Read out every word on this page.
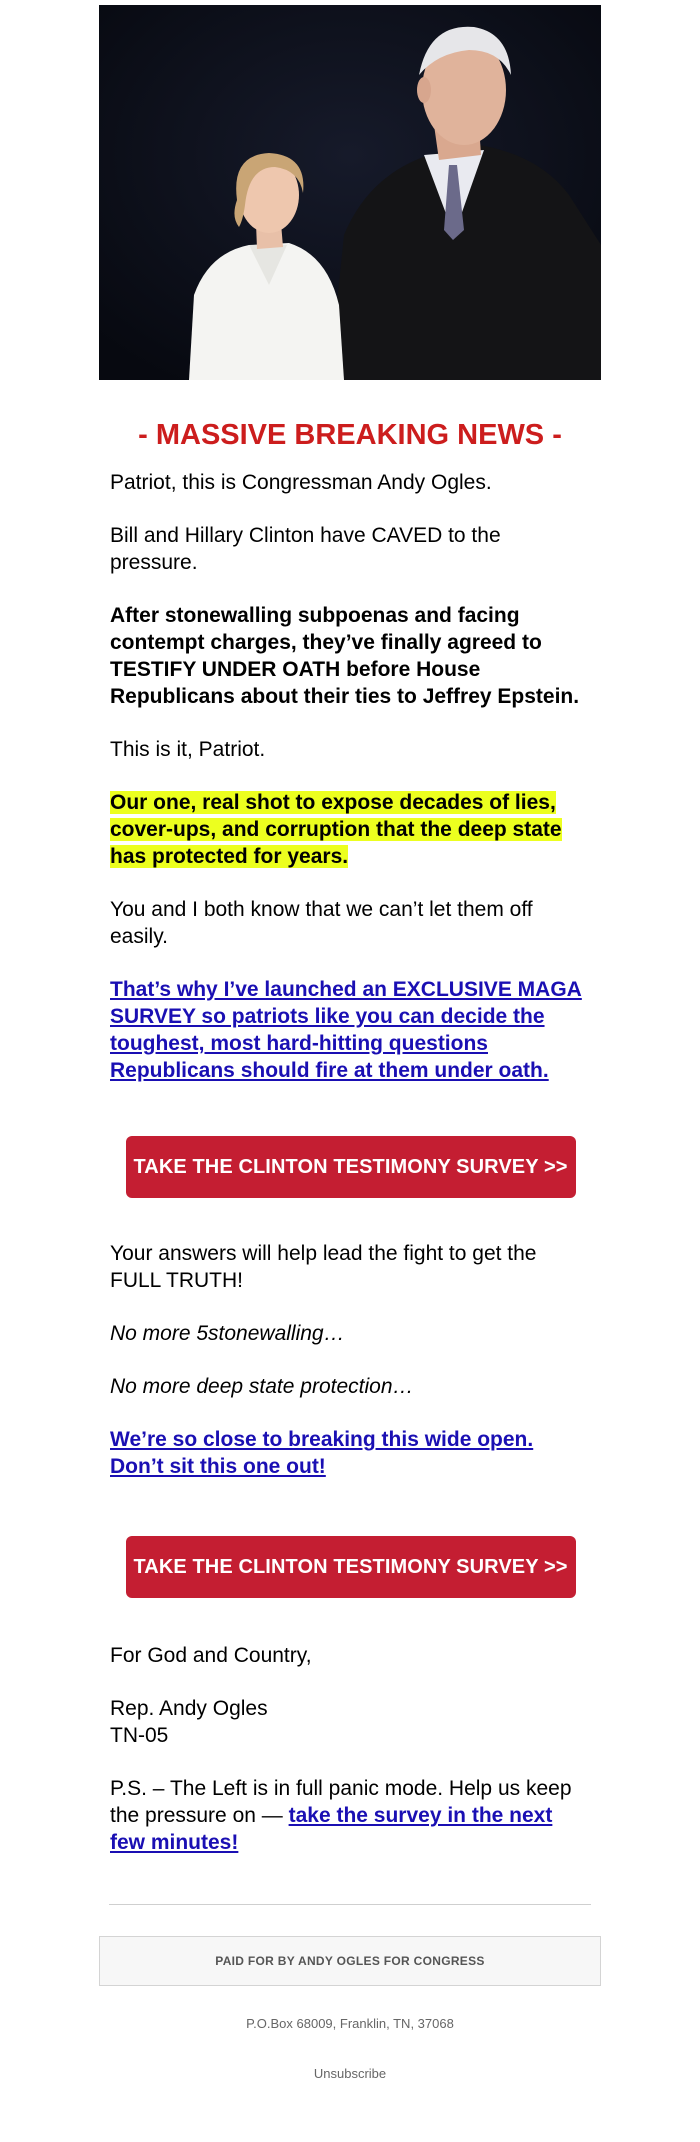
- MASSIVE BREAKING NEWS -

Patriot, this is Congressman Andy Ogles.

Bill and Hillary Clinton have CAVED to the pressure.

After stonewalling subpoenas and facing contempt charges, they’ve finally agreed to TESTIFY UNDER OATH before House Republicans about their ties to Jeffrey Epstein.

This is it, Patriot.

Our one, real shot to expose decades of lies, cover-ups, and corruption that the deep state has protected for years.

You and I both know that we can’t let them off easily.

That’s why I’ve launched an EXCLUSIVE MAGA SURVEY so patriots like you can decide the toughest, most hard-hitting questions Republicans should fire at them under oath.

TAKE THE CLINTON TESTIMONY SURVEY >>

Your answers will help lead the fight to get the FULL TRUTH!

No more 5stonewalling…

No more deep state protection…

We’re so close to breaking this wide open. Don’t sit this one out!

TAKE THE CLINTON TESTIMONY SURVEY >>

For God and Country,

Rep. Andy Ogles

TN-05

P.S. – The Left is in full panic mode. Help us keep the pressure on — take the survey in the next few minutes!

PAID FOR BY ANDY OGLES FOR CONGRESS
P.O.Box 68009, Franklin, TN, 37068
Unsubscribe
